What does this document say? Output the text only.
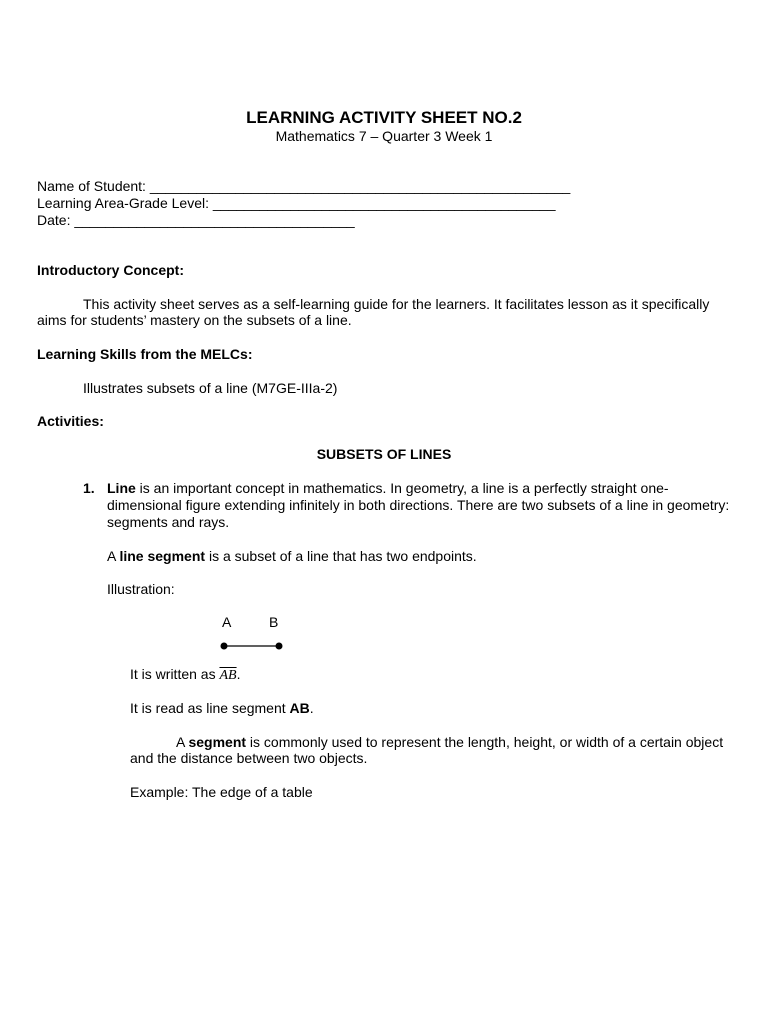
LEARNING ACTIVITY SHEET NO.2
Mathematics 7 – Quarter 3 Week 1
Name of Student: ______________________________________________________
Learning Area-Grade Level: ____________________________________________
Date: ____________________________________
Introductory Concept:
This activity sheet serves as a self-learning guide for the learners. It facilitates lesson as it specifically aims for students’ mastery on the subsets of a line.
Learning Skills from the MELCs:
Illustrates subsets of a line (M7GE-IIIa-2)
Activities:
SUBSETS OF LINES
1. Line is an important concept in mathematics. In geometry, a line is a perfectly straight one-dimensional figure extending infinitely in both directions. There are two subsets of a line in geometry: segments and rays.
A line segment is a subset of a line that has two endpoints.
Illustration:
A	B
It is written as $\overline{AB}$.
It is read as line segment AB.
A segment is commonly used to represent the length, height, or width of a certain object and the distance between two objects.
Example: The edge of a table
